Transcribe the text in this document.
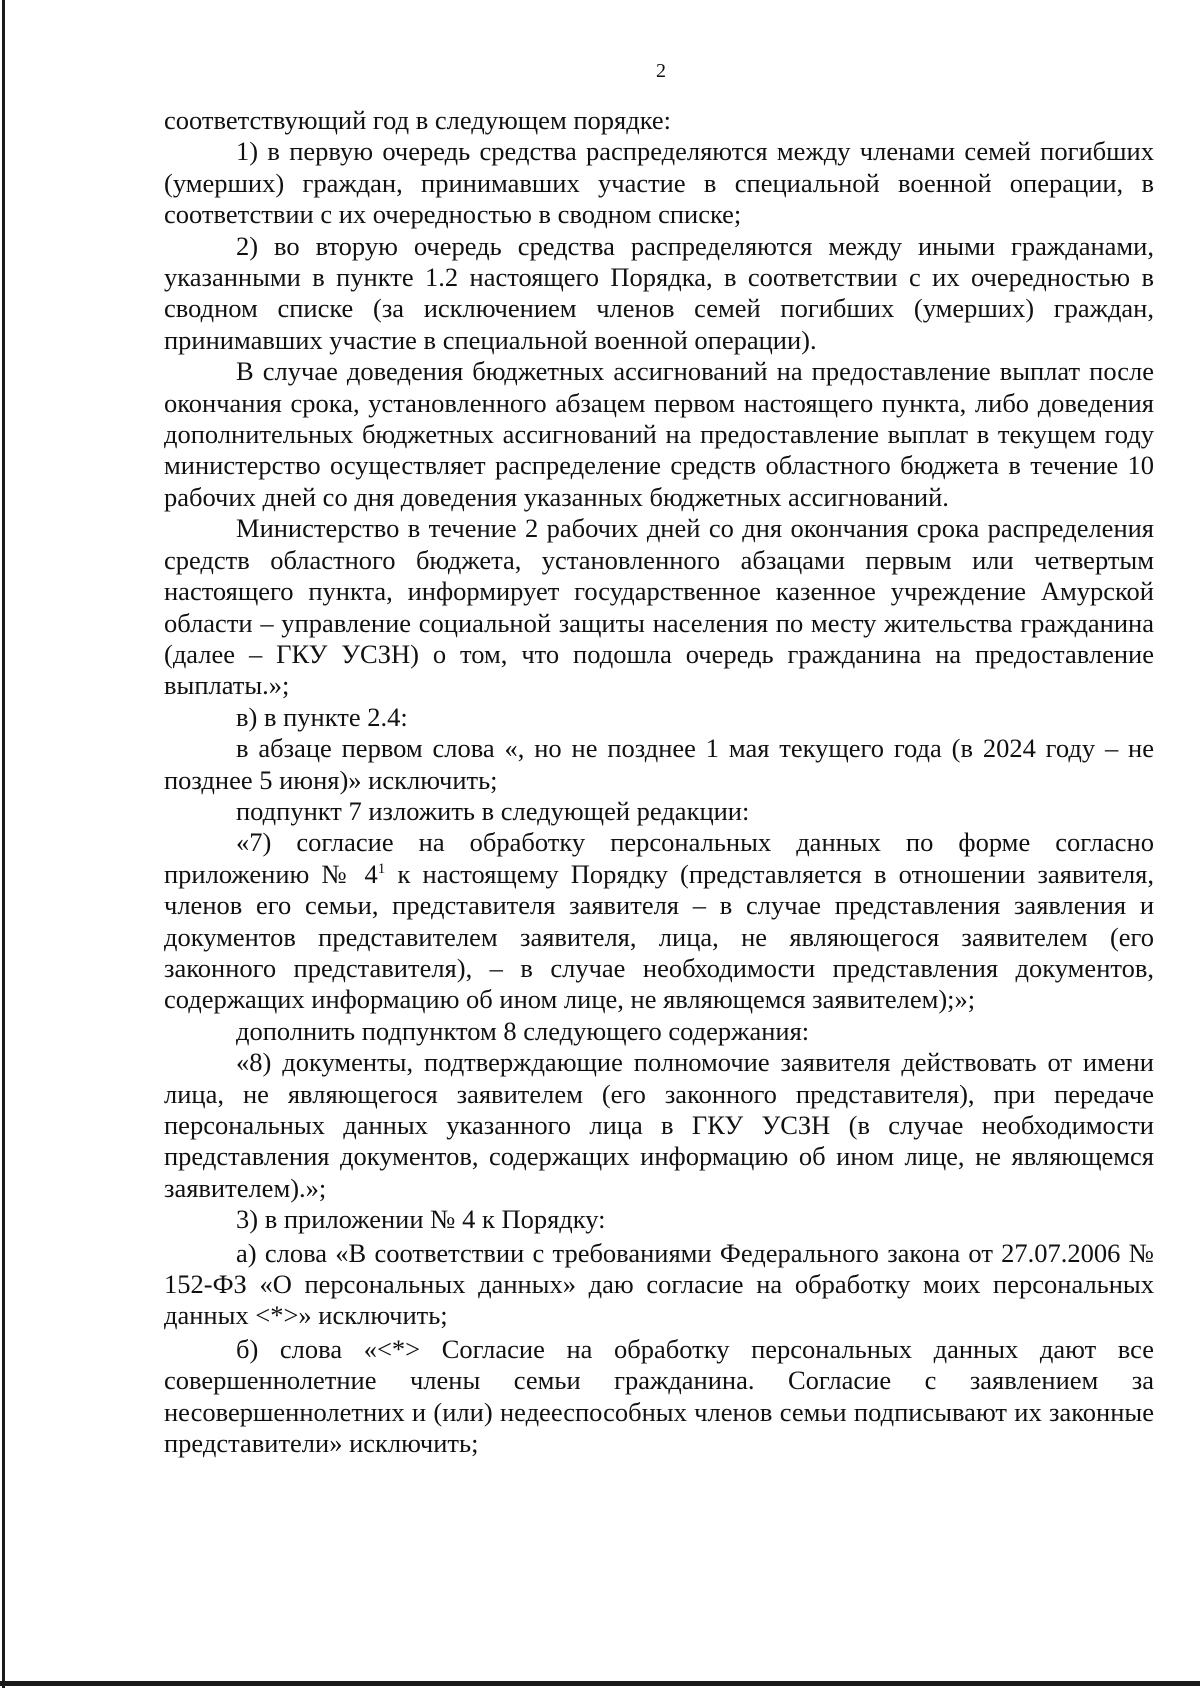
2

соответствующий год в следующем порядке:

1) в первую очередь средства распределяются между членами семей погибших (умерших) граждан, принимавших участие в специальной военной операции, в соответствии с их очередностью в сводном списке;

2) во вторую очередь средства распределяются между иными гражданами, указанными в пункте 1.2 настоящего Порядка, в соответствии с их очередностью в сводном списке (за исключением членов семей погибших (умерших) граждан, принимавших участие в специальной военной операции).

В случае доведения бюджетных ассигнований на предоставление выплат после окончания срока, установленного абзацем первом настоящего пункта, либо доведения дополнительных бюджетных ассигнований на предоставление выплат в текущем году министерство осуществляет распределение средств областного бюджета в течение 10 рабочих дней со дня доведения указанных бюджетных ассигнований.

Министерство в течение 2 рабочих дней со дня окончания срока распределения средств областного бюджета, установленного абзацами первым или четвертым настоящего пункта, информирует государственное казенное учреждение Амурской области – управление социальной защиты населения по месту жительства гражданина (далее – ГКУ УСЗН) о том, что подошла очередь гражданина на предоставление выплаты.»;

в) в пункте 2.4:

в абзаце первом слова «, но не позднее 1 мая текущего года (в 2024 году – не позднее 5 июня)» исключить;

подпункт 7 изложить в следующей редакции:

«7) согласие на обработку персональных данных по форме согласно приложению № $4^1$ к настоящему Порядку (представляется в отношении заявителя, членов его семьи, представителя заявителя – в случае представления заявления и документов представителем заявителя, лица, не являющегося заявителем (его законного представителя), – в случае необходимости представления документов, содержащих информацию об ином лице, не являющемся заявителем);»;

дополнить подпунктом 8 следующего содержания:

«8) документы, подтверждающие полномочие заявителя действовать от имени лица, не являющегося заявителем (его законного представителя), при передаче персональных данных указанного лица в ГКУ УСЗН (в случае необходимости представления документов, содержащих информацию об ином лице, не являющемся заявителем).»;

3) в приложении № 4 к Порядку:

а) слова «В соответствии с требованиями Федерального закона от 27.07.2006 № 152-ФЗ «О персональных данных» даю согласие на обработку моих персональных данных <*>» исключить;

б) слова «<*> Согласие на обработку персональных данных дают все совершеннолетние члены семьи гражданина. Согласие с заявлением за несовершеннолетних и (или) недееспособных членов семьи подписывают их законные представители» исключить;
